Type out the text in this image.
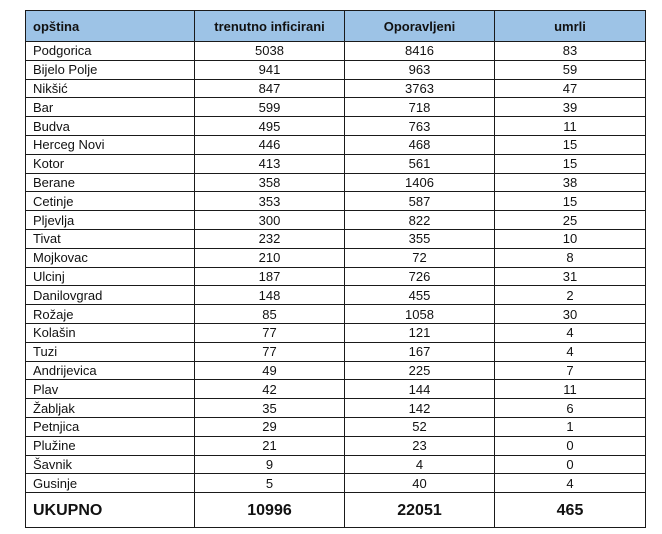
opština	trenutno inficirani	Oporavljeni	umrli
Podgorica	5038	8416	83
Bijelo Polje	941	963	59
Nikšić	847	3763	47
Bar	599	718	39
Budva	495	763	11
Herceg Novi	446	468	15
Kotor	413	561	15
Berane	358	1406	38
Cetinje	353	587	15
Pljevlja	300	822	25
Tivat	232	355	10
Mojkovac	210	72	8
Ulcinj	187	726	31
Danilovgrad	148	455	2
Rožaje	85	1058	30
Kolašin	77	121	4
Tuzi	77	167	4
Andrijevica	49	225	7
Plav	42	144	11
Žabljak	35	142	6
Petnjica	29	52	1
Plužine	21	23	0
Šavnik	9	4	0
Gusinje	5	40	4
UKUPNO	10996	22051	465
